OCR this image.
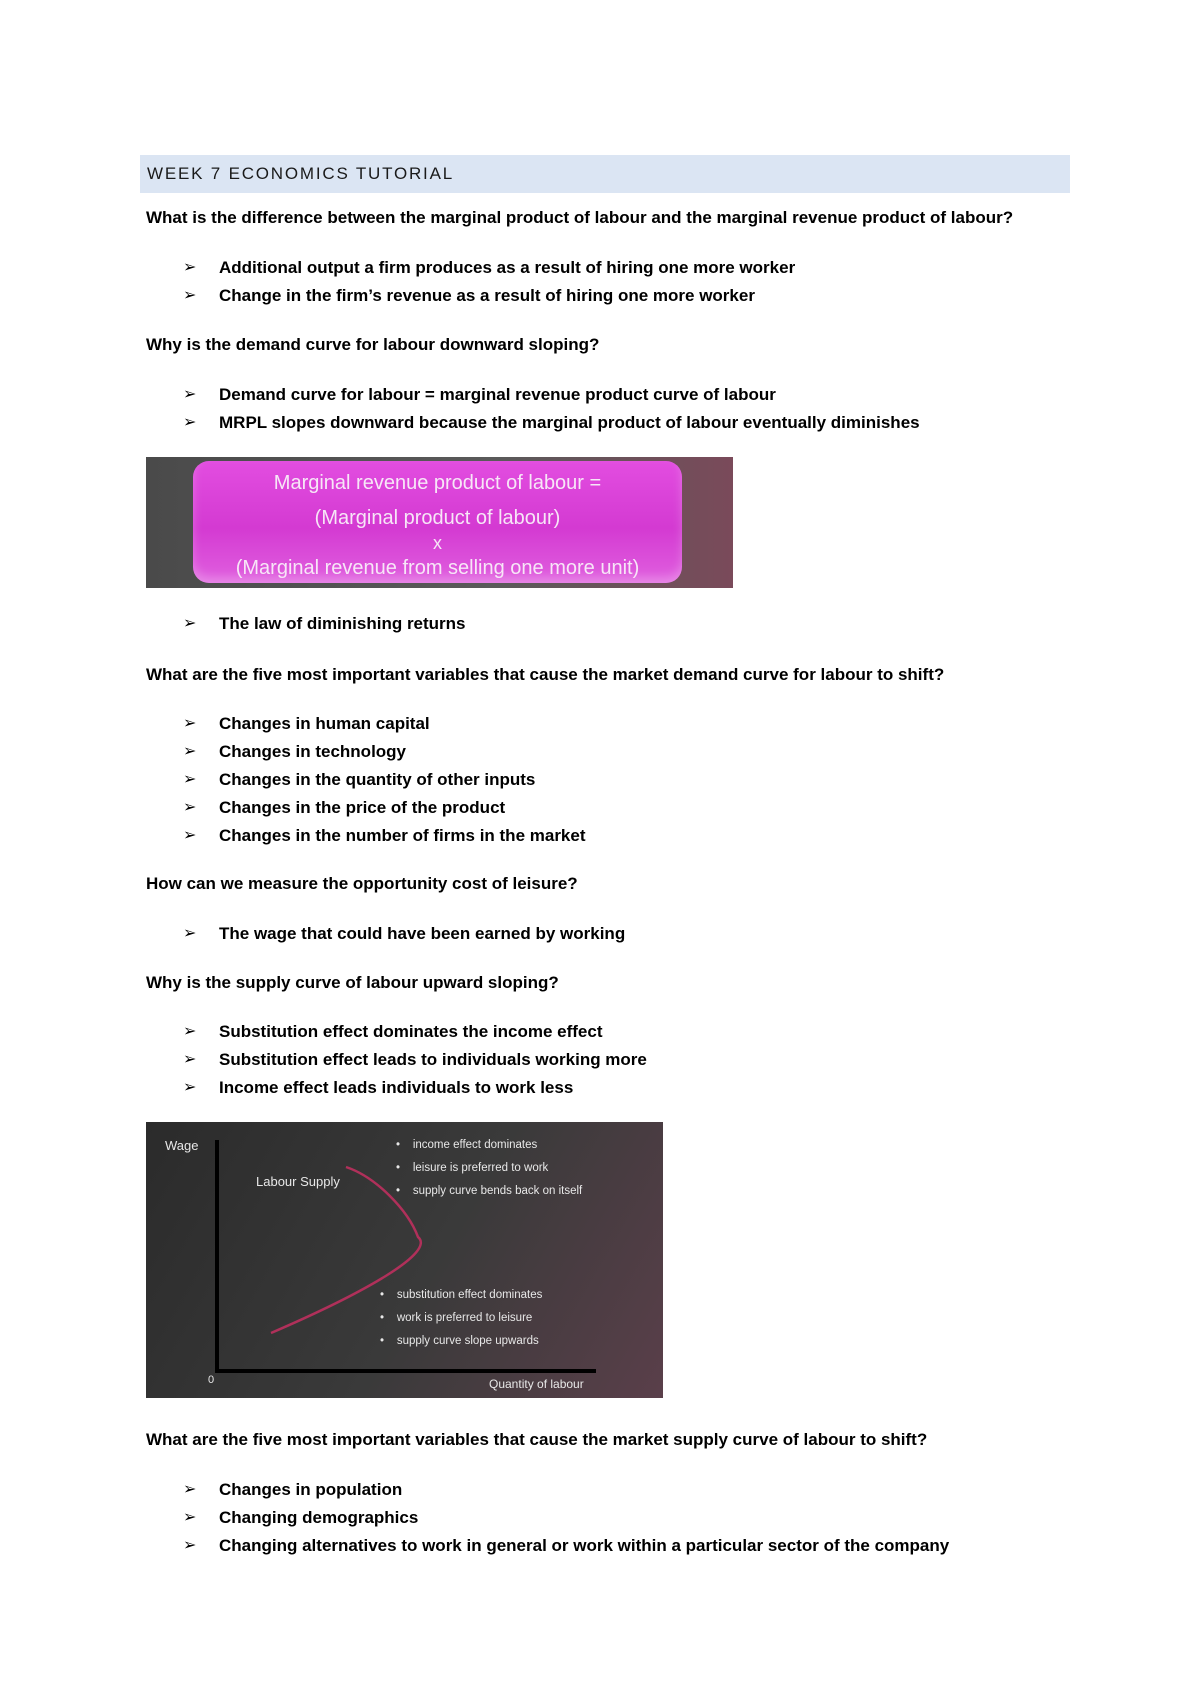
WEEK 7 ECONOMICS TUTORIAL
What is the difference between the marginal product of labour and the marginal revenue product of labour?
➢ Additional output a firm produces as a result of hiring one more worker
➢ Change in the firm’s revenue as a result of hiring one more worker
Why is the demand curve for labour downward sloping?
➢ Demand curve for labour = marginal revenue product curve of labour
➢ MRPL slopes downward because the marginal product of labour eventually diminishes
Marginal revenue product of labour =
(Marginal product of labour)
x
(Marginal revenue from selling one more unit)
➢ The law of diminishing returns
What are the five most important variables that cause the market demand curve for labour to shift?
➢ Changes in human capital
➢ Changes in technology
➢ Changes in the quantity of other inputs
➢ Changes in the price of the product
➢ Changes in the number of firms in the market
How can we measure the opportunity cost of leisure?
➢ The wage that could have been earned by working
Why is the supply curve of labour upward sloping?
➢ Substitution effect dominates the income effect
➢ Substitution effect leads to individuals working more
➢ Income effect leads individuals to work less
Wage
Labour Supply
0	Quantity of labour
•    income effect dominates
•    leisure is preferred to work
•    supply curve bends back on itself
•    substitution effect dominates
•    work is preferred to leisure
•    supply curve slope upwards
What are the five most important variables that cause the market supply curve of labour to shift?
➢ Changes in population
➢ Changing demographics
➢ Changing alternatives to work in general or work within a particular sector of the company
